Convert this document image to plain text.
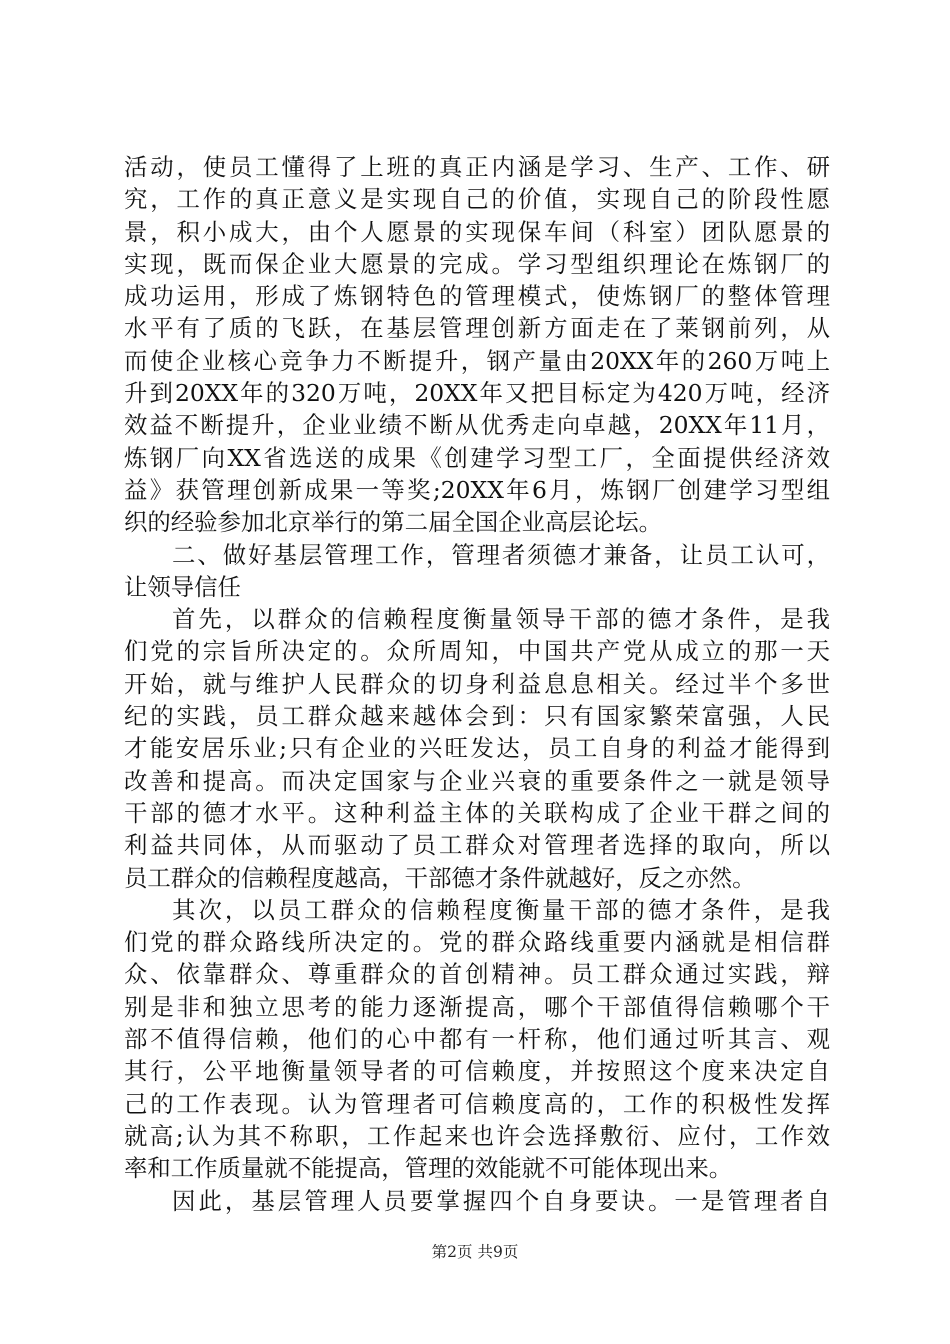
活动，使员工懂得了上班的真正内涵是学习、生产、工作、研
究，工作的真正意义是实现自己的价值，实现自己的阶段性愿
景，积小成大，由个人愿景的实现保车间（科室）团队愿景的
实现，既而保企业大愿景的完成。学习型组织理论在炼钢厂的
成功运用，形成了炼钢特色的管理模式，使炼钢厂的整体管理
水平有了质的飞跃，在基层管理创新方面走在了莱钢前列，从
而使企业核心竞争力不断提升，钢产量由20XX年的260万吨上
升到20XX年的320万吨，20XX年又把目标定为420万吨，经济
效益不断提升，企业业绩不断从优秀走向卓越，20XX年11月，
炼钢厂向XX省选送的成果《创建学习型工厂，全面提供经济效
益》获管理创新成果一等奖;20XX年6月，炼钢厂创建学习型组
织的经验参加北京举行的第二届全国企业高层论坛。
二、做好基层管理工作，管理者须德才兼备，让员工认可，
让领导信任
首先，以群众的信赖程度衡量领导干部的德才条件，是我
们党的宗旨所决定的。众所周知，中国共产党从成立的那一天
开始，就与维护人民群众的切身利益息息相关。经过半个多世
纪的实践，员工群众越来越体会到：只有国家繁荣富强，人民
才能安居乐业;只有企业的兴旺发达，员工自身的利益才能得到
改善和提高。而决定国家与企业兴衰的重要条件之一就是领导
干部的德才水平。这种利益主体的关联构成了企业干群之间的
利益共同体，从而驱动了员工群众对管理者选择的取向，所以
员工群众的信赖程度越高，干部德才条件就越好，反之亦然。
其次，以员工群众的信赖程度衡量干部的德才条件，是我
们党的群众路线所决定的。党的群众路线重要内涵就是相信群
众、依靠群众、尊重群众的首创精神。员工群众通过实践，辩
别是非和独立思考的能力逐渐提高，哪个干部值得信赖哪个干
部不值得信赖，他们的心中都有一杆称，他们通过听其言、观
其行，公平地衡量领导者的可信赖度，并按照这个度来决定自
己的工作表现。认为管理者可信赖度高的，工作的积极性发挥
就高;认为其不称职，工作起来也许会选择敷衍、应付，工作效
率和工作质量就不能提高，管理的效能就不可能体现出来。
因此，基层管理人员要掌握四个自身要诀。一是管理者自
第2页 共9页
